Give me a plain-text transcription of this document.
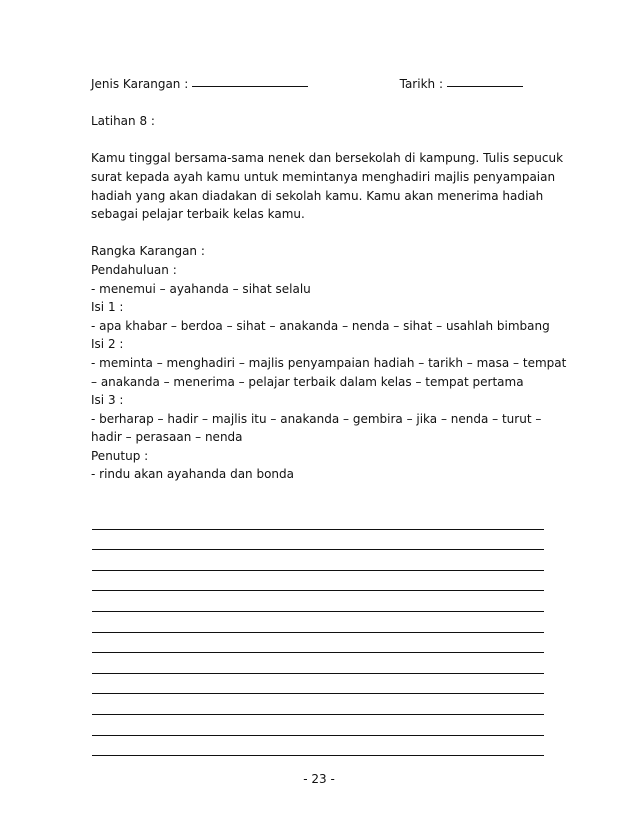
Jenis Karangan :	Tarikh :
Latihan 8 :
Kamu tinggal bersama-sama nenek dan bersekolah di kampung. Tulis sepucuk
surat kepada ayah kamu untuk memintanya menghadiri majlis penyampaian
hadiah yang akan diadakan di sekolah kamu. Kamu akan menerima hadiah
sebagai pelajar terbaik kelas kamu.
Rangka Karangan :
Pendahuluan :
- menemui – ayahanda – sihat selalu
Isi 1 :
- apa khabar – berdoa – sihat – anakanda – nenda – sihat – usahlah bimbang
Isi 2 :
- meminta – menghadiri – majlis penyampaian hadiah – tarikh – masa – tempat
– anakanda – menerima – pelajar terbaik dalam kelas – tempat pertama
Isi 3 :
- berharap – hadir – majlis itu – anakanda – gembira – jika – nenda – turut –
hadir – perasaan – nenda
Penutup :
- rindu akan ayahanda dan bonda
- 23 -
